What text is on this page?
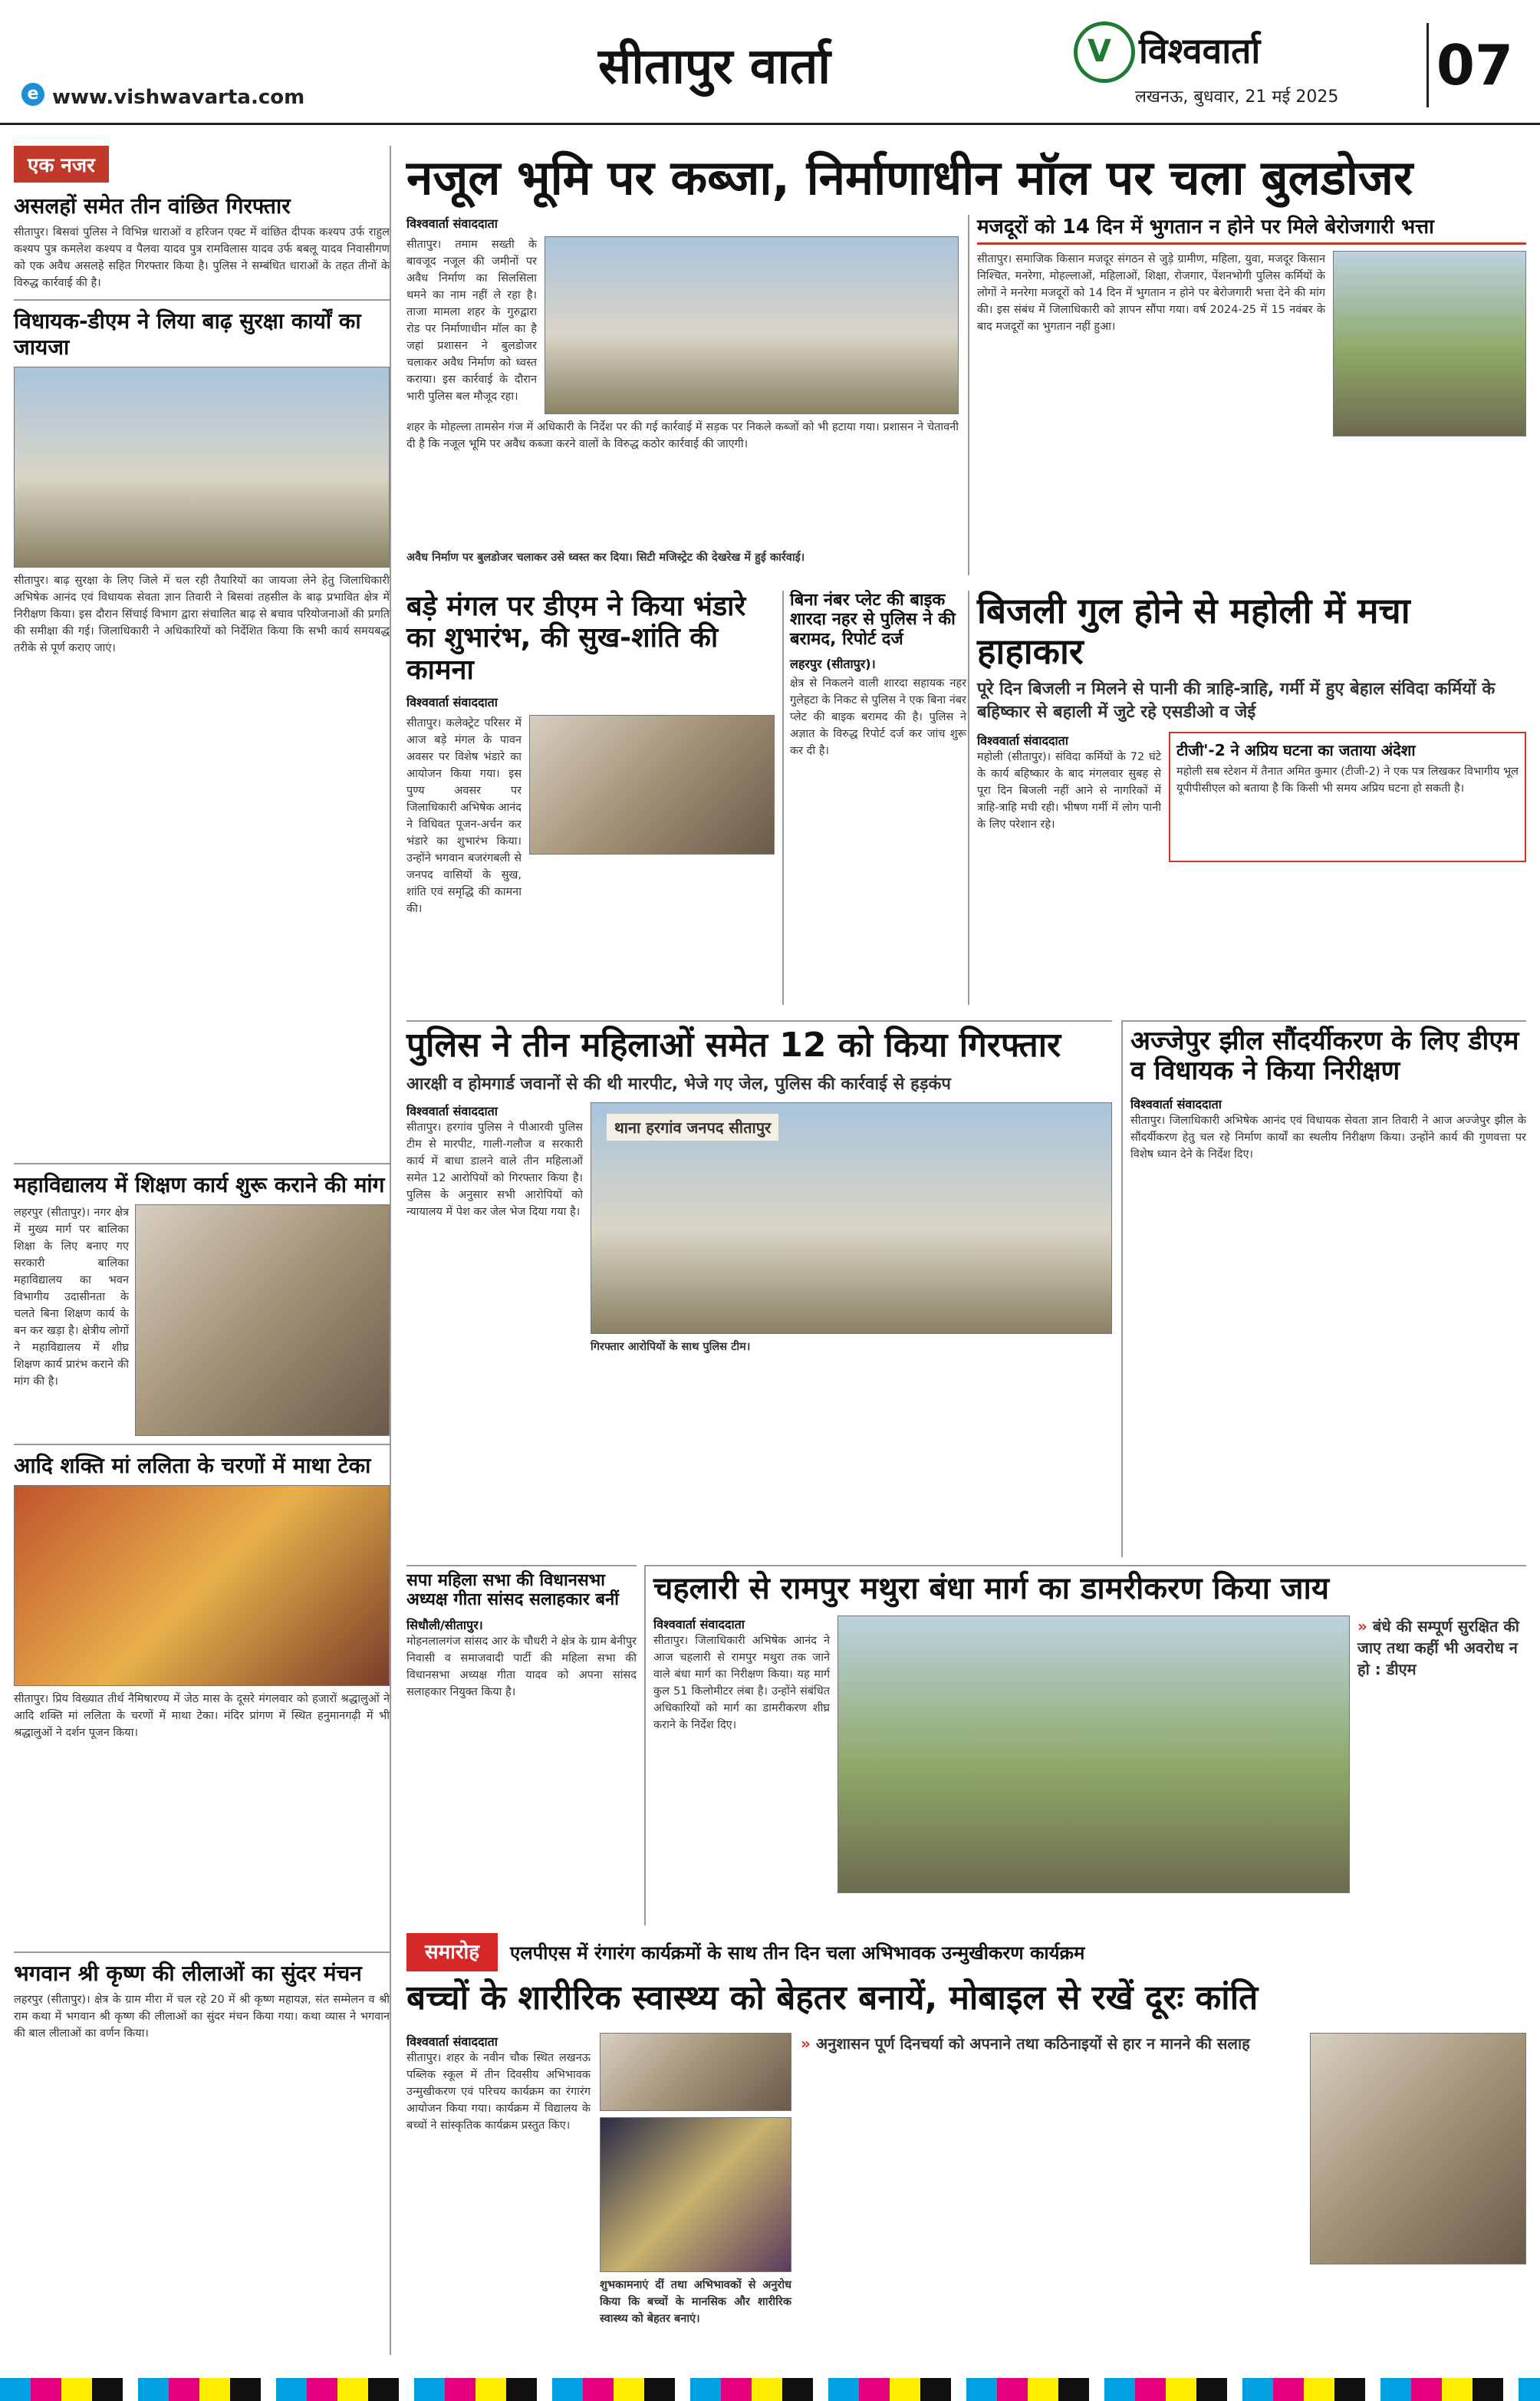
e www.vishwavarta.com
सीतापुर वार्ता	V विश्ववार्ता
लखनऊ, बुधवार, 21 मई 2025 07
एक नजर
असलहों समेत तीन वांछित गिरफ्तार
सीतापुर। बिसवां पुलिस ने विभिन्न धाराओं व हरिजन एक्ट में वांछित दीपक कश्यप उर्फ राहुल कश्यप पुत्र कमलेश कश्यप व पैलवा यादव पुत्र रामविलास यादव उर्फ बबलू यादव निवासीगण को एक अवैध असलहे सहित गिरफ्तार किया है। पुलिस ने सम्बंधित धाराओं के तहत तीनों के विरुद्ध कार्रवाई की है।
विधायक-डीएम ने लिया बाढ़ सुरक्षा कार्यों का जायजा
सीतापुर। बाढ़ सुरक्षा के लिए जिले में चल रही तैयारियों का जायजा लेने हेतु जिलाधिकारी अभिषेक आनंद एवं विधायक सेवता ज्ञान तिवारी ने बिसवां तहसील के बाढ़ प्रभावित क्षेत्र में निरीक्षण किया। इस दौरान सिंचाई विभाग द्वारा संचालित बाढ़ से बचाव परियोजनाओं की प्रगति की समीक्षा की गई। जिलाधिकारी ने अधिकारियों को निर्देशित किया कि सभी कार्य समयबद्ध तरीके से पूर्ण कराए जाएं।
महाविद्यालय में शिक्षण कार्य शुरू कराने की मांग
लहरपुर (सीतापुर)। नगर क्षेत्र में मुख्य मार्ग पर बालिका शिक्षा के लिए बनाए गए सरकारी बालिका महाविद्यालय का भवन विभागीय उदासीनता के चलते बिना शिक्षण कार्य के बन कर खड़ा है। क्षेत्रीय लोगों ने महाविद्यालय में शीघ्र शिक्षण कार्य प्रारंभ कराने की मांग की है।
आदि शक्ति मां ललिता के चरणों में माथा टेका
सीतापुर। प्रिय विख्यात तीर्थ नैमिषारण्य में जेठ मास के दूसरे मंगलवार को हजारों श्रद्धालुओं ने आदि शक्ति मां ललिता के चरणों में माथा टेका। मंदिर प्रांगण में स्थित हनुमानगढ़ी में भी श्रद्धालुओं ने दर्शन पूजन किया।
भगवान श्री कृष्ण की लीलाओं का सुंदर मंचन
लहरपुर (सीतापुर)। क्षेत्र के ग्राम मीरा में चल रहे 20 में श्री कृष्ण महायज्ञ, संत सम्मेलन व श्री राम कथा में भगवान श्री कृष्ण की लीलाओं का सुंदर मंचन किया गया। कथा व्यास ने भगवान की बाल लीलाओं का वर्णन किया।
नजूल भूमि पर कब्जा, निर्माणाधीन मॉल पर चला बुलडोजर
विश्ववार्ता संवाददाता
सीतापुर। तमाम सख्ती के बावजूद नजूल की जमीनों पर अवैध निर्माण का सिलसिला थमने का नाम नहीं ले रहा है। ताजा मामला शहर के गुरुद्वारा रोड पर निर्माणाधीन मॉल का है जहां प्रशासन ने बुलडोजर चलाकर अवैध निर्माण को ध्वस्त कराया। इस कार्रवाई के दौरान भारी पुलिस बल मौजूद रहा।
शहर के मोहल्ला तामसेन गंज में अधिकारी के निर्देश पर की गई कार्रवाई में सड़क पर निकले कब्जों को भी हटाया गया। प्रशासन ने चेतावनी दी है कि नजूल भूमि पर अवैध कब्जा करने वालों के विरुद्ध कठोर कार्रवाई की जाएगी।
अवैध निर्माण पर बुलडोजर चलाकर उसे ध्वस्त कर दिया। सिटी मजिस्ट्रेट की देखरेख में हुई कार्रवाई।
मजदूरों को 14 दिन में भुगतान न होने पर मिले बेरोजगारी भत्ता
सीतापुर। समाजिक किसान मजदूर संगठन से जुड़े ग्रामीण, महिला, युवा, मजदूर किसान निश्चित, मनरेगा, मोहल्लाओं, महिलाओं, शिक्षा, रोजगार, पेंशनभोगी पुलिस कर्मियों के लोगों ने मनरेगा मजदूरों को 14 दिन में भुगतान न होने पर बेरोजगारी भत्ता देने की मांग की। इस संबंध में जिलाधिकारी को ज्ञापन सौंपा गया। वर्ष 2024-25 में 15 नवंबर के बाद मजदूरों का भुगतान नहीं हुआ।
बड़े मंगल पर डीएम ने किया भंडारे का शुभारंभ, की सुख-शांति की कामना
विश्ववार्ता संवाददाता
सीतापुर। कलेक्ट्रेट परिसर में आज बड़े मंगल के पावन अवसर पर विशेष भंडारे का आयोजन किया गया। इस पुण्य अवसर पर जिलाधिकारी अभिषेक आनंद ने विधिवत पूजन-अर्चन कर भंडारे का शुभारंभ किया। उन्होंने भगवान बजरंगबली से जनपद वासियों के सुख, शांति एवं समृद्धि की कामना की।
बिना नंबर प्लेट की बाइक शारदा नहर से पुलिस ने की बरामद, रिपोर्ट दर्ज
लहरपुर (सीतापुर)।
क्षेत्र से निकलने वाली शारदा सहायक नहर गुलेहटा के निकट से पुलिस ने एक बिना नंबर प्लेट की बाइक बरामद की है। पुलिस ने अज्ञात के विरुद्ध रिपोर्ट दर्ज कर जांच शुरू कर दी है।
बिजली गुल होने से महोली में मचा हाहाकार
पूरे दिन बिजली न मिलने से पानी की त्राहि-त्राहि, गर्मी में हुए बेहाल संविदा कर्मियों के बहिष्कार से बहाली में जुटे रहे एसडीओ व जेई
विश्ववार्ता संवाददाता
महोली (सीतापुर)। संविदा कर्मियों के 72 घंटे के कार्य बहिष्कार के बाद मंगलवार सुबह से पूरा दिन बिजली नहीं आने से नागरिकों में त्राहि-त्राहि मची रही। भीषण गर्मी में लोग पानी के लिए परेशान रहे।
टीजी'-2 ने अप्रिय घटना का जताया अंदेशा
महोली सब स्टेशन में तैनात अमित कुमार (टीजी-2) ने एक पत्र लिखकर विभागीय भूल यूपीपीसीएल को बताया है कि किसी भी समय अप्रिय घटना हो सकती है।
पुलिस ने तीन महिलाओं समेत 12 को किया गिरफ्तार
आरक्षी व होमगार्ड जवानों से की थी मारपीट, भेजे गए जेल, पुलिस की कार्रवाई से हड़कंप
विश्ववार्ता संवाददाता
सीतापुर। हरगांव पुलिस ने पीआरवी पुलिस टीम से मारपीट, गाली-गलौज व सरकारी कार्य में बाधा डालने वाले तीन महिलाओं समेत 12 आरोपियों को गिरफ्तार किया है। पुलिस के अनुसार सभी आरोपियों को न्यायालय में पेश कर जेल भेज दिया गया है।
थाना हरगांव जनपद सीतापुर
गिरफ्तार आरोपियों के साथ पुलिस टीम।
अज्जेपुर झील सौंदर्यीकरण के लिए डीएम व विधायक ने किया निरीक्षण
विश्ववार्ता संवाददाता
सीतापुर। जिलाधिकारी अभिषेक आनंद एवं विधायक सेवता ज्ञान तिवारी ने आज अज्जेपुर झील के सौंदर्यीकरण हेतु चल रहे निर्माण कार्यों का स्थलीय निरीक्षण किया। उन्होंने कार्य की गुणवत्ता पर विशेष ध्यान देने के निर्देश दिए।
सपा महिला सभा की विधानसभा अध्यक्ष गीता सांसद सलाहकार बनीं
सिधौली/सीतापुर।
मोहनलालगंज सांसद आर के चौधरी ने क्षेत्र के ग्राम बेनीपुर निवासी व समाजवादी पार्टी की महिला सभा की विधानसभा अध्यक्ष गीता यादव को अपना सांसद सलाहकार नियुक्त किया है।
चहलारी से रामपुर मथुरा बंधा मार्ग का डामरीकरण किया जाय
विश्ववार्ता संवाददाता
सीतापुर। जिलाधिकारी अभिषेक आनंद ने आज चहलारी से रामपुर मथुरा तक जाने वाले बंधा मार्ग का निरीक्षण किया। यह मार्ग कुल 51 किलोमीटर लंबा है। उन्होंने संबंधित अधिकारियों को मार्ग का डामरीकरण शीघ्र कराने के निर्देश दिए।
» बंधे की सम्पूर्ण सुरक्षित की जाए तथा कहीं भी अवरोध न हो : डीएम
समारोह	एलपीएस में रंगारंग कार्यक्रमों के साथ तीन दिन चला अभिभावक उन्मुखीकरण कार्यक्रम
बच्चों के शारीरिक स्वास्थ्य को बेहतर बनायें, मोबाइल से रखें दूरः कांति
विश्ववार्ता संवाददाता
सीतापुर। शहर के नवीन चौक स्थित लखनऊ पब्लिक स्कूल में तीन दिवसीय अभिभावक उन्मुखीकरण एवं परिचय कार्यक्रम का रंगारंग आयोजन किया गया। कार्यक्रम में विद्यालय के बच्चों ने सांस्कृतिक कार्यक्रम प्रस्तुत किए।
शुभकामनाएं दीं तथा अभिभावकों से अनुरोध किया कि बच्चों के मानसिक और शारीरिक स्वास्थ्य को बेहतर बनाएं।
» अनुशासन पूर्ण दिनचर्या को अपनाने तथा कठिनाइयों से हार न मानने की सलाह
